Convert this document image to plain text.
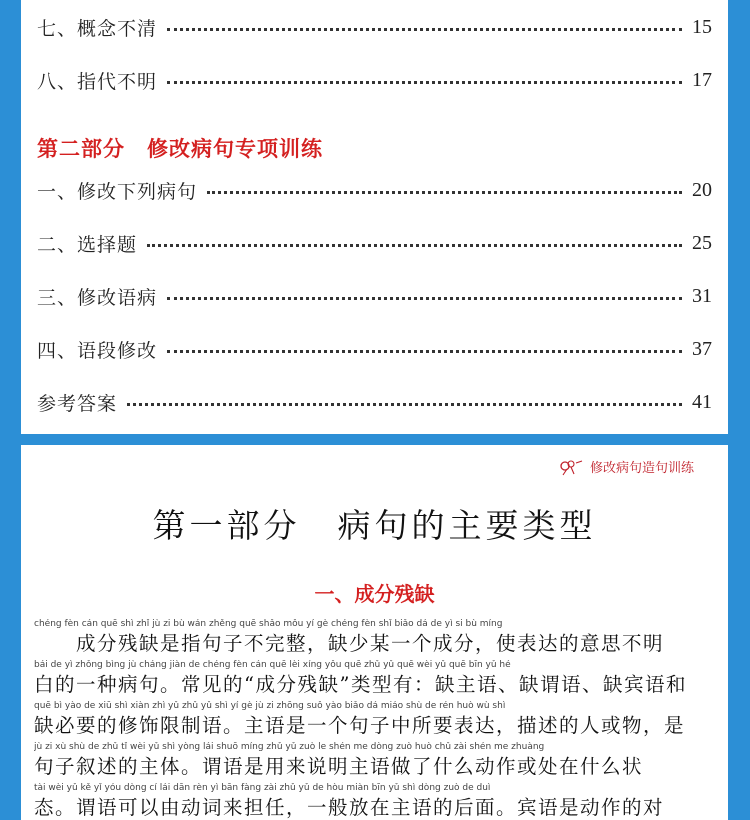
七、概念不清	15
八、指代不明	17
第二部分　修改病句专项训练
一、修改下列病句	20
二、选择题	25
三、修改语病	31
四、语段修改	37
参考答案	41
修改病句造句训练
第一部分　病句的主要类型
一、成分残缺
chéng fèn cán quē shì zhǐ jù zi bù wán zhěng quē shǎo mǒu yí gè chéng fèn shǐ biǎo dá de yì si bù míng
　　成分残缺是指句子不完整，缺少某一个成分，使表达的意思不明
bái de yì zhǒng bìng jù cháng jiàn de chéng fèn cán quē lèi xíng yǒu quē zhǔ yǔ quē wèi yǔ quē bīn yǔ hé
白的一种病句。常见的“成分残缺”类型有：缺主语、缺谓语、缺宾语和
quē bì yào de xiū shì xiàn zhì yǔ zhǔ yǔ shì yí gè jù zi zhōng suǒ yào biǎo dá miáo shù de rén huò wù shì
缺必要的修饰限制语。主语是一个句子中所要表达，描述的人或物，是
jù zi xù shù de zhǔ tǐ wèi yǔ shì yòng lái shuō míng zhǔ yǔ zuò le shén me dòng zuò huò chǔ zài shén me zhuàng
句子叙述的主体。谓语是用来说明主语做了什么动作或处在什么状
tài wèi yǔ kě yǐ yóu dòng cí lái dān rèn yì bān fàng zài zhǔ yǔ de hòu miàn bīn yǔ shì dòng zuò de duì
态。谓语可以由动词来担任，一般放在主语的后面。宾语是动作的对
